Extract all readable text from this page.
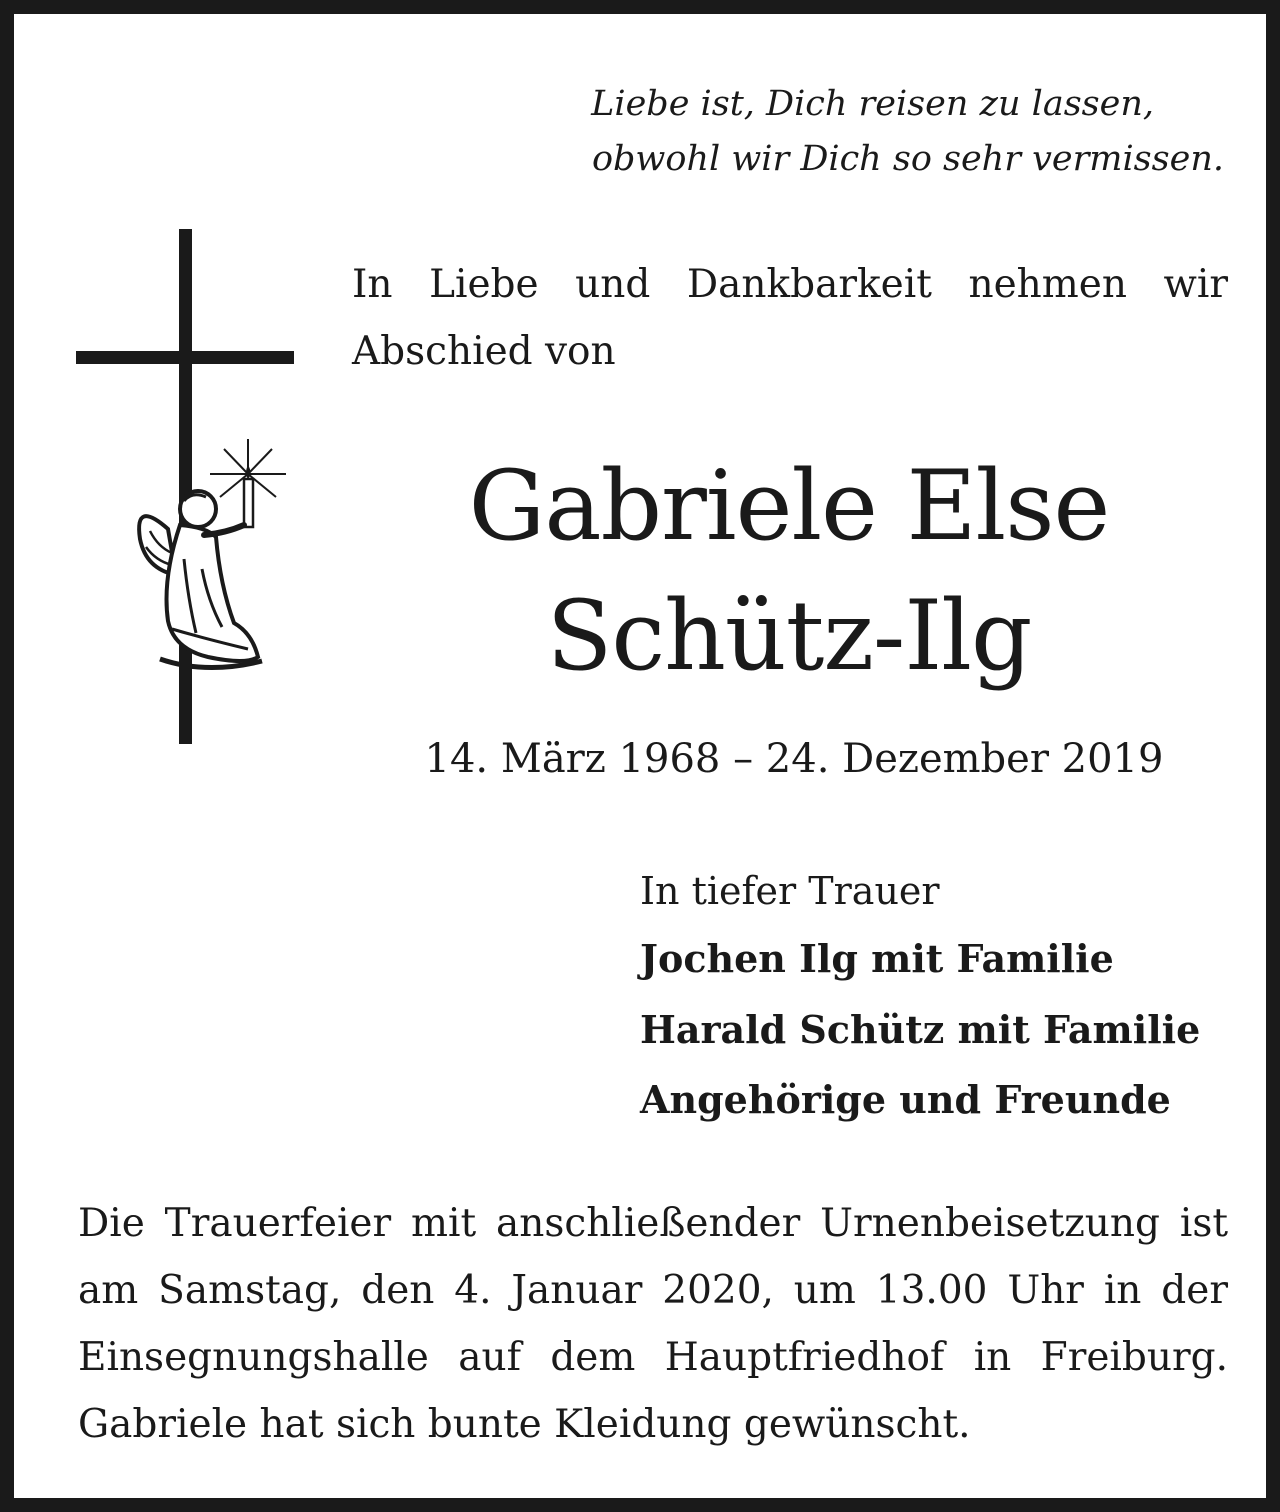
Liebe ist, Dich reisen zu lassen,
obwohl wir Dich so sehr vermissen.
In Liebe und Dankbarkeit nehmen wir
Abschied von
Gabriele Else
Schütz-Ilg
14. März 1968 – 24. Dezember 2019
In tiefer Trauer
Jochen Ilg mit Familie
Harald Schütz mit Familie
Angehörige und Freunde
Die Trauerfeier mit anschließender Urnenbeisetzung ist
am Samstag, den 4. Januar 2020, um 13.00 Uhr in der
Einsegnungshalle auf dem Hauptfriedhof in Freiburg.
Gabriele hat sich bunte Kleidung gewünscht.
